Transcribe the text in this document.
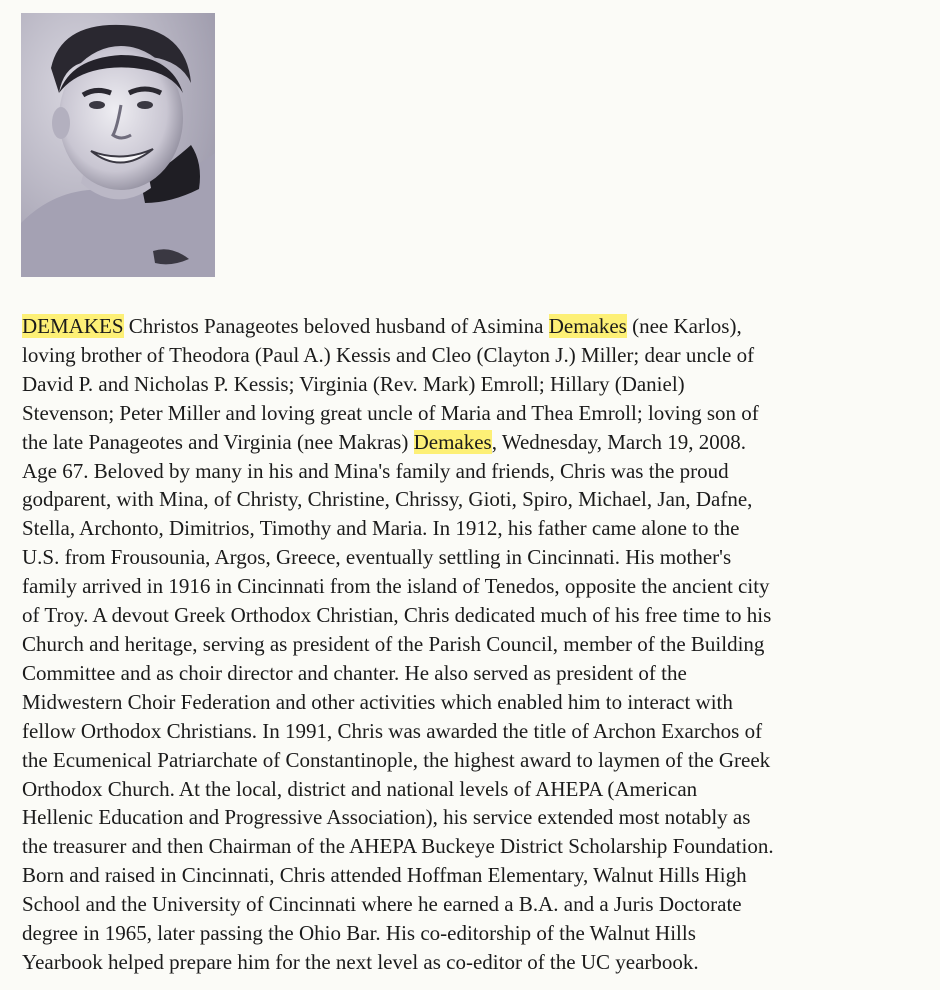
DEMAKES Christos Panageotes beloved husband of Asimina Demakes (nee Karlos),
loving brother of Theodora (Paul A.) Kessis and Cleo (Clayton J.) Miller; dear uncle of
David P. and Nicholas P. Kessis; Virginia (Rev. Mark) Emroll; Hillary (Daniel)
Stevenson; Peter Miller and loving great uncle of Maria and Thea Emroll; loving son of
the late Panageotes and Virginia (nee Makras) Demakes, Wednesday, March 19, 2008.
Age 67. Beloved by many in his and Mina's family and friends, Chris was the proud
godparent, with Mina, of Christy, Christine, Chrissy, Gioti, Spiro, Michael, Jan, Dafne,
Stella, Archonto, Dimitrios, Timothy and Maria. In 1912, his father came alone to the
U.S. from Frousounia, Argos, Greece, eventually settling in Cincinnati. His mother's
family arrived in 1916 in Cincinnati from the island of Tenedos, opposite the ancient city
of Troy. A devout Greek Orthodox Christian, Chris dedicated much of his free time to his
Church and heritage, serving as president of the Parish Council, member of the Building
Committee and as choir director and chanter. He also served as president of the
Midwestern Choir Federation and other activities which enabled him to interact with
fellow Orthodox Christians. In 1991, Chris was awarded the title of Archon Exarchos of
the Ecumenical Patriarchate of Constantinople, the highest award to laymen of the Greek
Orthodox Church. At the local, district and national levels of AHEPA (American
Hellenic Education and Progressive Association), his service extended most notably as
the treasurer and then Chairman of the AHEPA Buckeye District Scholarship Foundation.
Born and raised in Cincinnati, Chris attended Hoffman Elementary, Walnut Hills High
School and the University of Cincinnati where he earned a B.A. and a Juris Doctorate
degree in 1965, later passing the Ohio Bar. His co-editorship of the Walnut Hills
Yearbook helped prepare him for the next level as co-editor of the UC yearbook.
